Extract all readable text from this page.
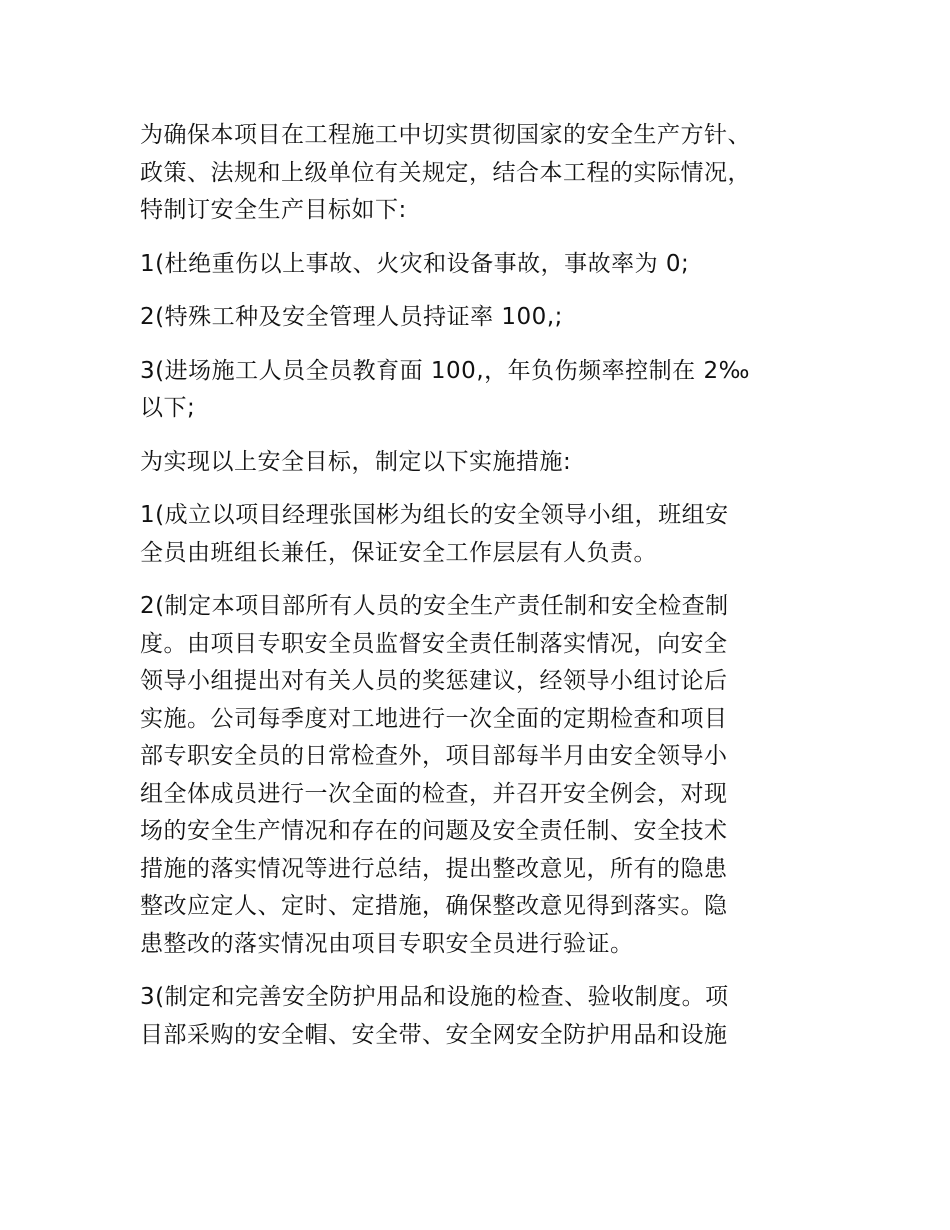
为确保本项目在工程施工中切实贯彻国家的安全生产方针、
政策、法规和上级单位有关规定，结合本工程的实际情况，
特制订安全生产目标如下:
1(杜绝重伤以上事故、火灾和设备事故，事故率为 0;
2(特殊工种及安全管理人员持证率 100,;
3(进场施工人员全员教育面 100,，年负伤频率控制在 2‰
以下;
为实现以上安全目标，制定以下实施措施:
1(成立以项目经理张国彬为组长的安全领导小组，班组安
全员由班组长兼任，保证安全工作层层有人负责。
2(制定本项目部所有人员的安全生产责任制和安全检查制
度。由项目专职安全员监督安全责任制落实情况，向安全
领导小组提出对有关人员的奖惩建议，经领导小组讨论后
实施。公司每季度对工地进行一次全面的定期检查和项目
部专职安全员的日常检查外，项目部每半月由安全领导小
组全体成员进行一次全面的检查，并召开安全例会，对现
场的安全生产情况和存在的问题及安全责任制、安全技术
措施的落实情况等进行总结，提出整改意见，所有的隐患
整改应定人、定时、定措施，确保整改意见得到落实。隐
患整改的落实情况由项目专职安全员进行验证。
3(制定和完善安全防护用品和设施的检查、验收制度。项
目部采购的安全帽、安全带、安全网安全防护用品和设施
